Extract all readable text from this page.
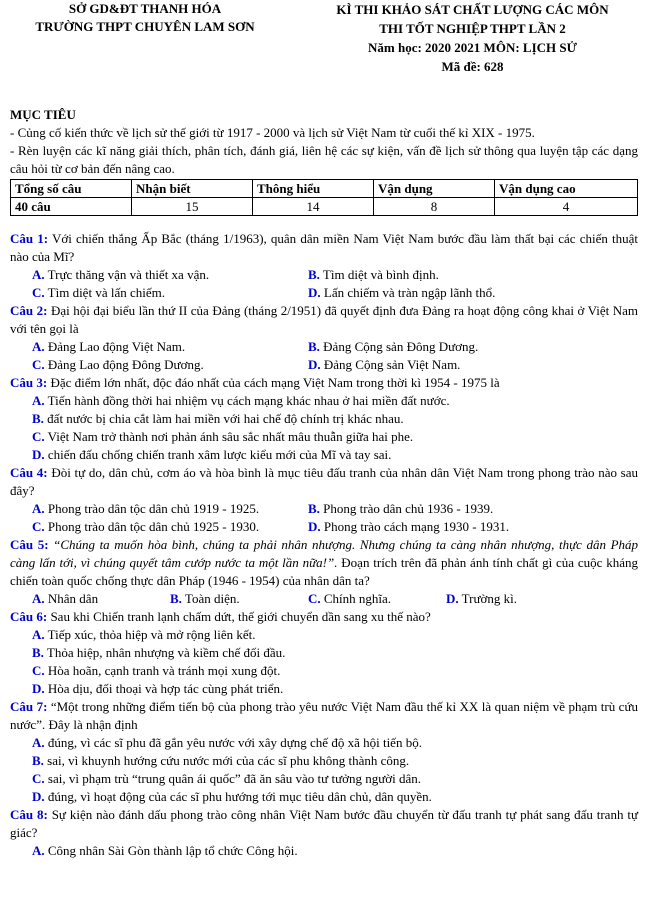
SỞ GD&ĐT THANH HÓA
TRƯỜNG THPT CHUYÊN LAM SƠN
KÌ THI KHẢO SÁT CHẤT LƯỢNG CÁC MÔN
THI TỐT NGHIỆP THPT LẦN 2
Năm học: 2020 2021 MÔN: LỊCH SỬ
Mã đề: 628
MỤC TIÊU

- Củng cố kiến thức về lịch sử thế giới từ 1917 - 2000 và lịch sử Việt Nam từ cuối thế kỉ XIX - 1975.

- Rèn luyện các kĩ năng giải thích, phân tích, đánh giá, liên hệ các sự kiện, vấn đề lịch sử thông qua luyện tập các dạng câu hỏi từ cơ bản đến nâng cao.

Tổng số câu	Nhận biết	Thông hiểu	Vận dụng	Vận dụng cao
40 câu	15	14	8	4

Câu 1: Với chiến thắng Ấp Bắc (tháng 1/1963), quân dân miền Nam Việt Nam bước đầu làm thất bại các chiến thuật nào của Mĩ?

A. Trực thăng vận và thiết xa vận.	B. Tìm diệt và bình định.
C. Tìm diệt và lấn chiếm.	D. Lấn chiếm và tràn ngập lãnh thổ.

Câu 2: Đại hội đại biểu lần thứ II của Đảng (tháng 2/1951) đã quyết định đưa Đảng ra hoạt động công khai ở Việt Nam với tên gọi là

A. Đảng Lao động Việt Nam.	B. Đảng Cộng sản Đông Dương.
C. Đảng Lao động Đông Dương.	D. Đảng Cộng sản Việt Nam.

Câu 3: Đặc điểm lớn nhất, độc đáo nhất của cách mạng Việt Nam trong thời kì 1954 - 1975 là

A. Tiến hành đồng thời hai nhiệm vụ cách mạng khác nhau ở hai miền đất nước.
B. đất nước bị chia cắt làm hai miền với hai chế độ chính trị khác nhau.
C. Việt Nam trở thành nơi phản ánh sâu sắc nhất mâu thuẫn giữa hai phe.
D. chiến đấu chống chiến tranh xâm lược kiểu mới của Mĩ và tay sai.

Câu 4: Đòi tự do, dân chủ, cơm áo và hòa bình là mục tiêu đấu tranh của nhân dân Việt Nam trong phong trào nào sau đây?

A. Phong trào dân tộc dân chủ 1919 - 1925.	B. Phong trào dân chủ 1936 - 1939.
C. Phong trào dân tộc dân chủ 1925 - 1930.	D. Phong trào cách mạng 1930 - 1931.

Câu 5: “Chúng ta muốn hòa bình, chúng ta phải nhân nhượng. Nhưng chúng ta càng nhân nhượng, thực dân Pháp càng lấn tới, vì chúng quyết tâm cướp nước ta một lần nữa!”. Đoạn trích trên đã phản ánh tính chất gì của cuộc kháng chiến toàn quốc chống thực dân Pháp (1946 - 1954) của nhân dân ta?

A. Nhân dân	B. Toàn diện.	C. Chính nghĩa.	D. Trường kì.

Câu 6: Sau khi Chiến tranh lạnh chấm dứt, thế giới chuyển dần sang xu thế nào?

A. Tiếp xúc, thỏa hiệp và mở rộng liên kết.
B. Thỏa hiệp, nhân nhượng và kiềm chế đối đầu.
C. Hòa hoãn, cạnh tranh và tránh mọi xung đột.
D. Hòa dịu, đối thoại và hợp tác cùng phát triển.

Câu 7: “Một trong những điểm tiến bộ của phong trào yêu nước Việt Nam đầu thế kỉ XX là quan niệm về phạm trù cứu nước”. Đây là nhận định

A. đúng, vì các sĩ phu đã gắn yêu nước với xây dựng chế độ xã hội tiến bộ.
B. sai, vì khuynh hướng cứu nước mới của các sĩ phu không thành công.
C. sai, vì phạm trù “trung quân ái quốc” đã ăn sâu vào tư tưởng người dân.
D. đúng, vì hoạt động của các sĩ phu hướng tới mục tiêu dân chủ, dân quyền.

Câu 8: Sự kiện nào đánh dấu phong trào công nhân Việt Nam bước đầu chuyển từ đấu tranh tự phát sang đấu tranh tự giác?

A. Công nhân Sài Gòn thành lập tổ chức Công hội.
